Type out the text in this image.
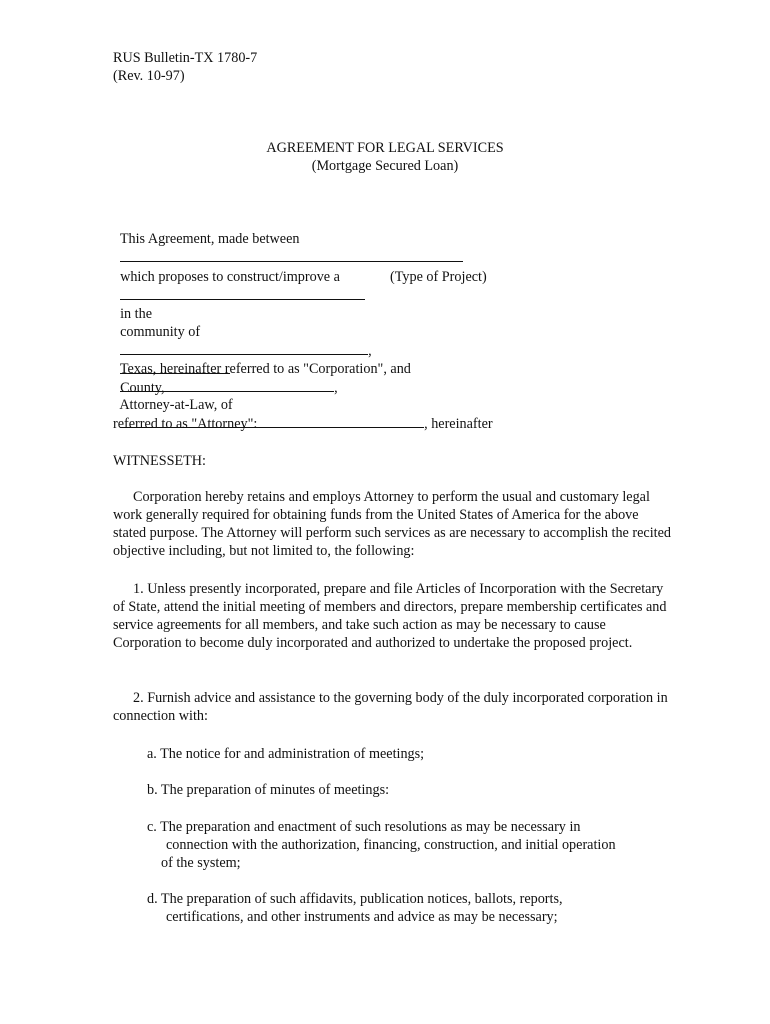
RUS Bulletin-TX 1780-7
(Rev. 10-97)
AGREEMENT FOR LEGAL SERVICES
(Mortgage Secured Loan)

This Agreement, made between

which proposes to construct/improve a

in the

(Type of Project)

community of
,

County,

Texas, hereinafter referred to as "Corporation", and
,

Attorney-at-Law, of
, hereinafter

referred to as "Attorney":
WITNESSETH:
Corporation hereby retains and employs Attorney to perform the usual and customary legal work generally required for obtaining funds from the United States of America for the above stated purpose. The Attorney will perform such services as are necessary to accomplish the recited objective including, but not limited to, the following:
1. Unless presently incorporated, prepare and file Articles of Incorporation with the Secretary of State, attend the initial meeting of members and directors, prepare membership certificates and service agreements for all members, and take such action as may be necessary to cause Corporation to become duly incorporated and authorized to undertake the proposed project.
2. Furnish advice and assistance to the governing body of the duly incorporated corporation in connection with:
a. The notice for and administration of meetings;
b. The preparation of minutes of meetings:
c. The preparation and enactment of such resolutions as may be necessary in
connection with the authorization, financing, construction, and initial operation
of the system;
d. The preparation of such affidavits, publication notices, ballots, reports,
certifications, and other instruments and advice as may be necessary;
